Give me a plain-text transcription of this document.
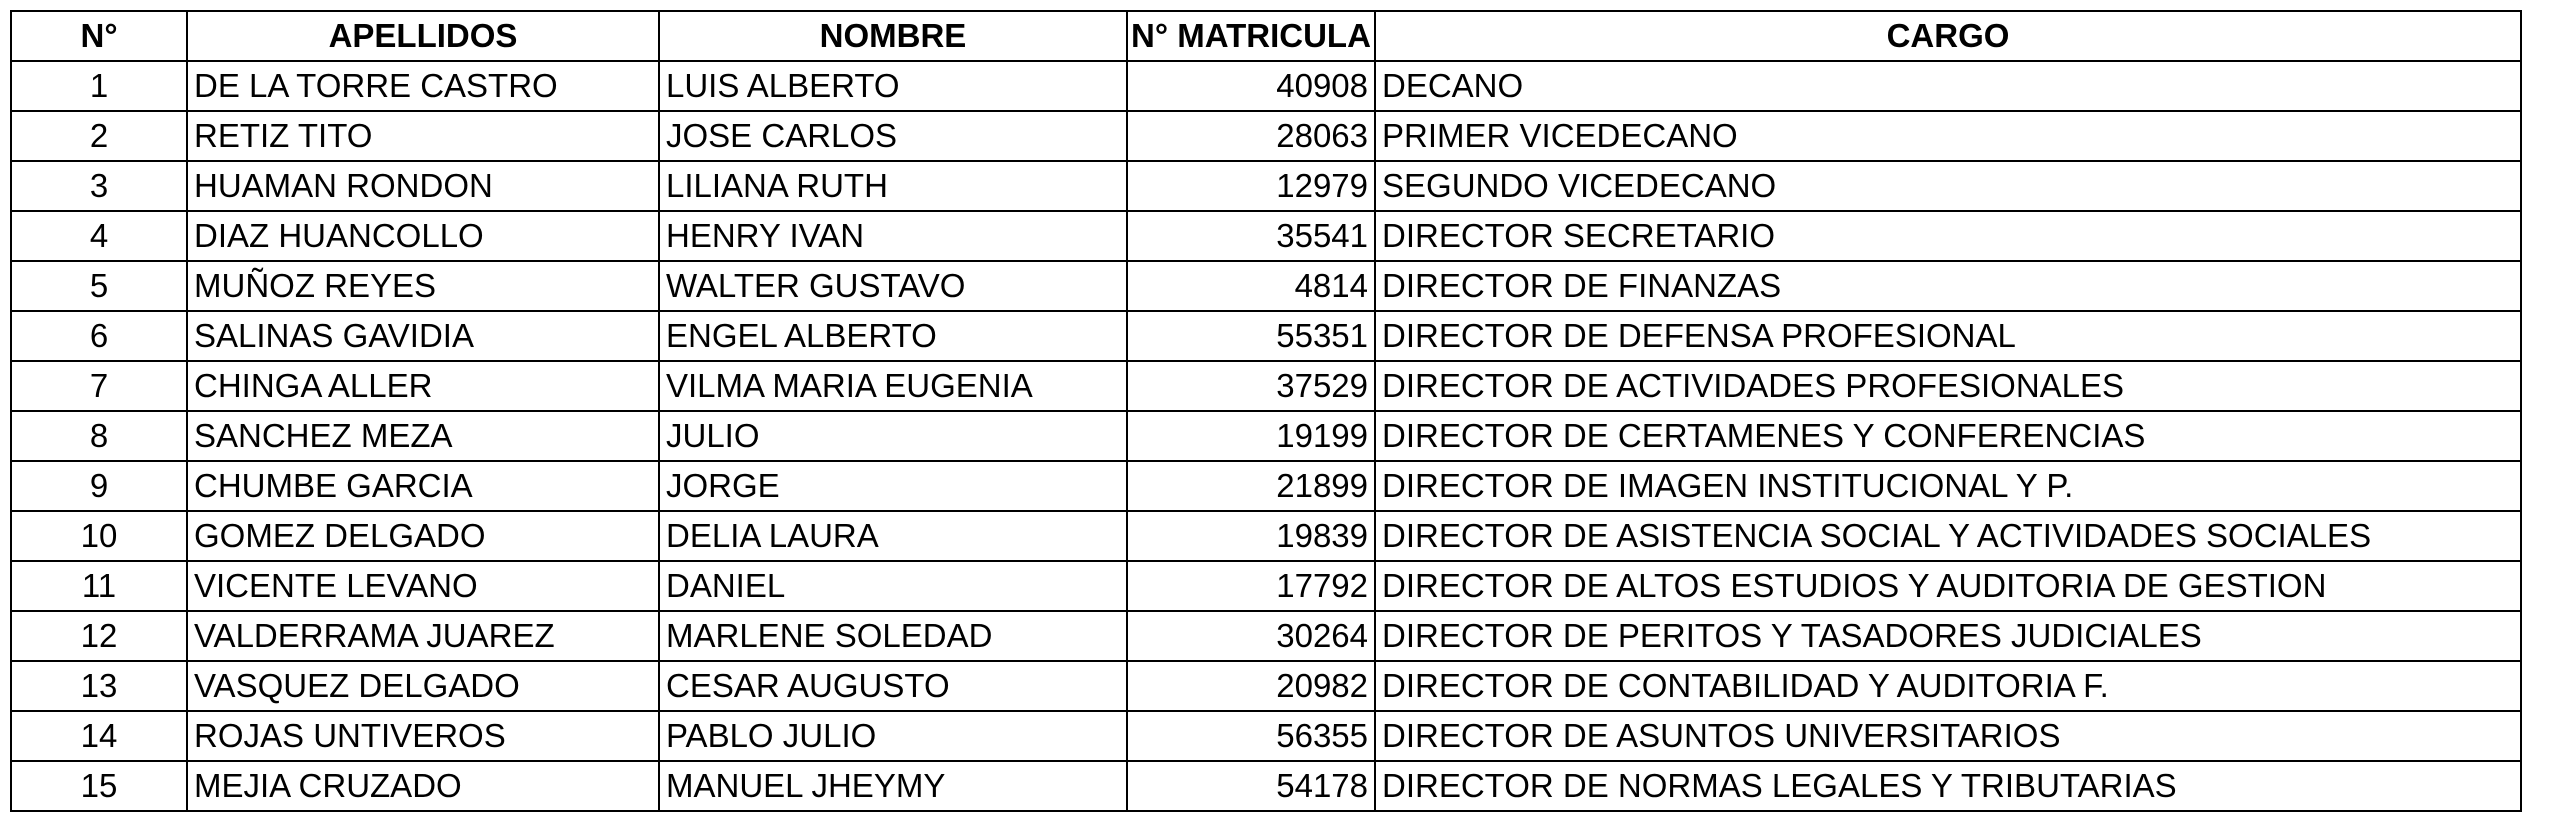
N°	APELLIDOS	NOMBRE	N° MATRICULA	CARGO
1	DE LA TORRE CASTRO	LUIS ALBERTO	40908	DECANO
2	RETIZ TITO	JOSE CARLOS	28063	PRIMER VICEDECANO
3	HUAMAN RONDON	LILIANA RUTH	12979	SEGUNDO VICEDECANO
4	DIAZ HUANCOLLO	HENRY IVAN	35541	DIRECTOR SECRETARIO
5	MUÑOZ REYES	WALTER GUSTAVO	4814	DIRECTOR DE FINANZAS
6	SALINAS GAVIDIA	ENGEL ALBERTO	55351	DIRECTOR DE DEFENSA PROFESIONAL
7	CHINGA ALLER	VILMA MARIA EUGENIA	37529	DIRECTOR DE ACTIVIDADES PROFESIONALES
8	SANCHEZ MEZA	JULIO	19199	DIRECTOR DE CERTAMENES Y CONFERENCIAS
9	CHUMBE GARCIA	JORGE	21899	DIRECTOR DE IMAGEN INSTITUCIONAL Y P.
10	GOMEZ DELGADO	DELIA LAURA	19839	DIRECTOR DE ASISTENCIA SOCIAL Y ACTIVIDADES SOCIALES
11	VICENTE LEVANO	DANIEL	17792	DIRECTOR DE ALTOS ESTUDIOS Y AUDITORIA DE GESTION
12	VALDERRAMA JUAREZ	MARLENE SOLEDAD	30264	DIRECTOR DE PERITOS Y TASADORES JUDICIALES
13	VASQUEZ DELGADO	CESAR AUGUSTO	20982	DIRECTOR DE CONTABILIDAD Y AUDITORIA F.
14	ROJAS UNTIVEROS	PABLO JULIO	56355	DIRECTOR DE ASUNTOS UNIVERSITARIOS
15	MEJIA CRUZADO	MANUEL JHEYMY	54178	DIRECTOR DE NORMAS LEGALES Y TRIBUTARIAS
